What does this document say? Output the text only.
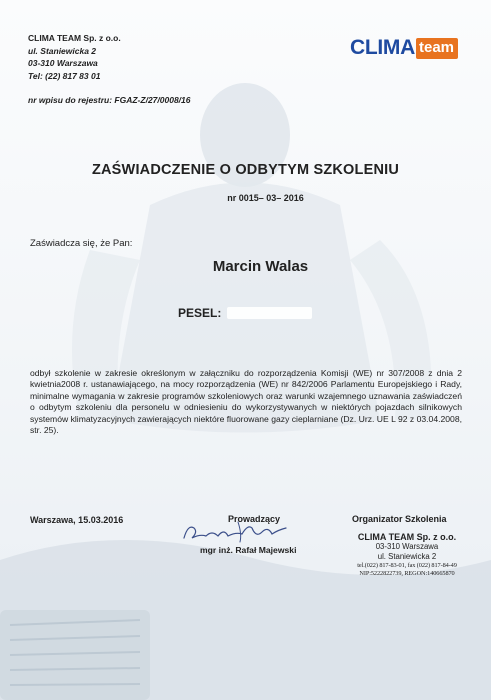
CLIMA TEAM Sp. z o.o.
ul. Staniewicka 2
03-310 Warszawa
Tel: (22) 817 83 01
nr wpisu do rejestru: FGAZ-Z/27/0008/16
CLIMA team
ZAŚWIADCZENIE O ODBYTYM SZKOLENIU
nr 0015– 03– 2016
Zaświadcza się, że Pan:
Marcin Walas
PESEL:
odbył szkolenie w zakresie określonym w załączniku do rozporządzenia Komisji (WE) nr 307/2008 z dnia 2 kwietnia2008 r. ustanawiającego, na mocy rozporządzenia (WE) nr 842/2006 Parlamentu Europejskiego i Rady, minimalne wymagania w zakresie programów szkoleniowych oraz warunki wzajemnego uznawania zaświadczeń o odbytym szkoleniu dla personelu w odniesieniu do wykorzystywanych w niektórych pojazdach silnikowych systemów klimatyzacyjnych zawierających niektóre fluorowane gazy cieplarniane (Dz. Urz. UE L 92 z 03.04.2008, str. 25).
Warszawa, 15.03.2016	Prowadzący
mgr inż. Rafał Majewski
Organizator Szkolenia
CLIMA TEAM Sp. z o.o.
03-310 Warszawa
ul. Staniewicka 2
tel.(022) 817-83-01, fax (022) 817-84-49
NIP:5222822739, REGON:140665870
